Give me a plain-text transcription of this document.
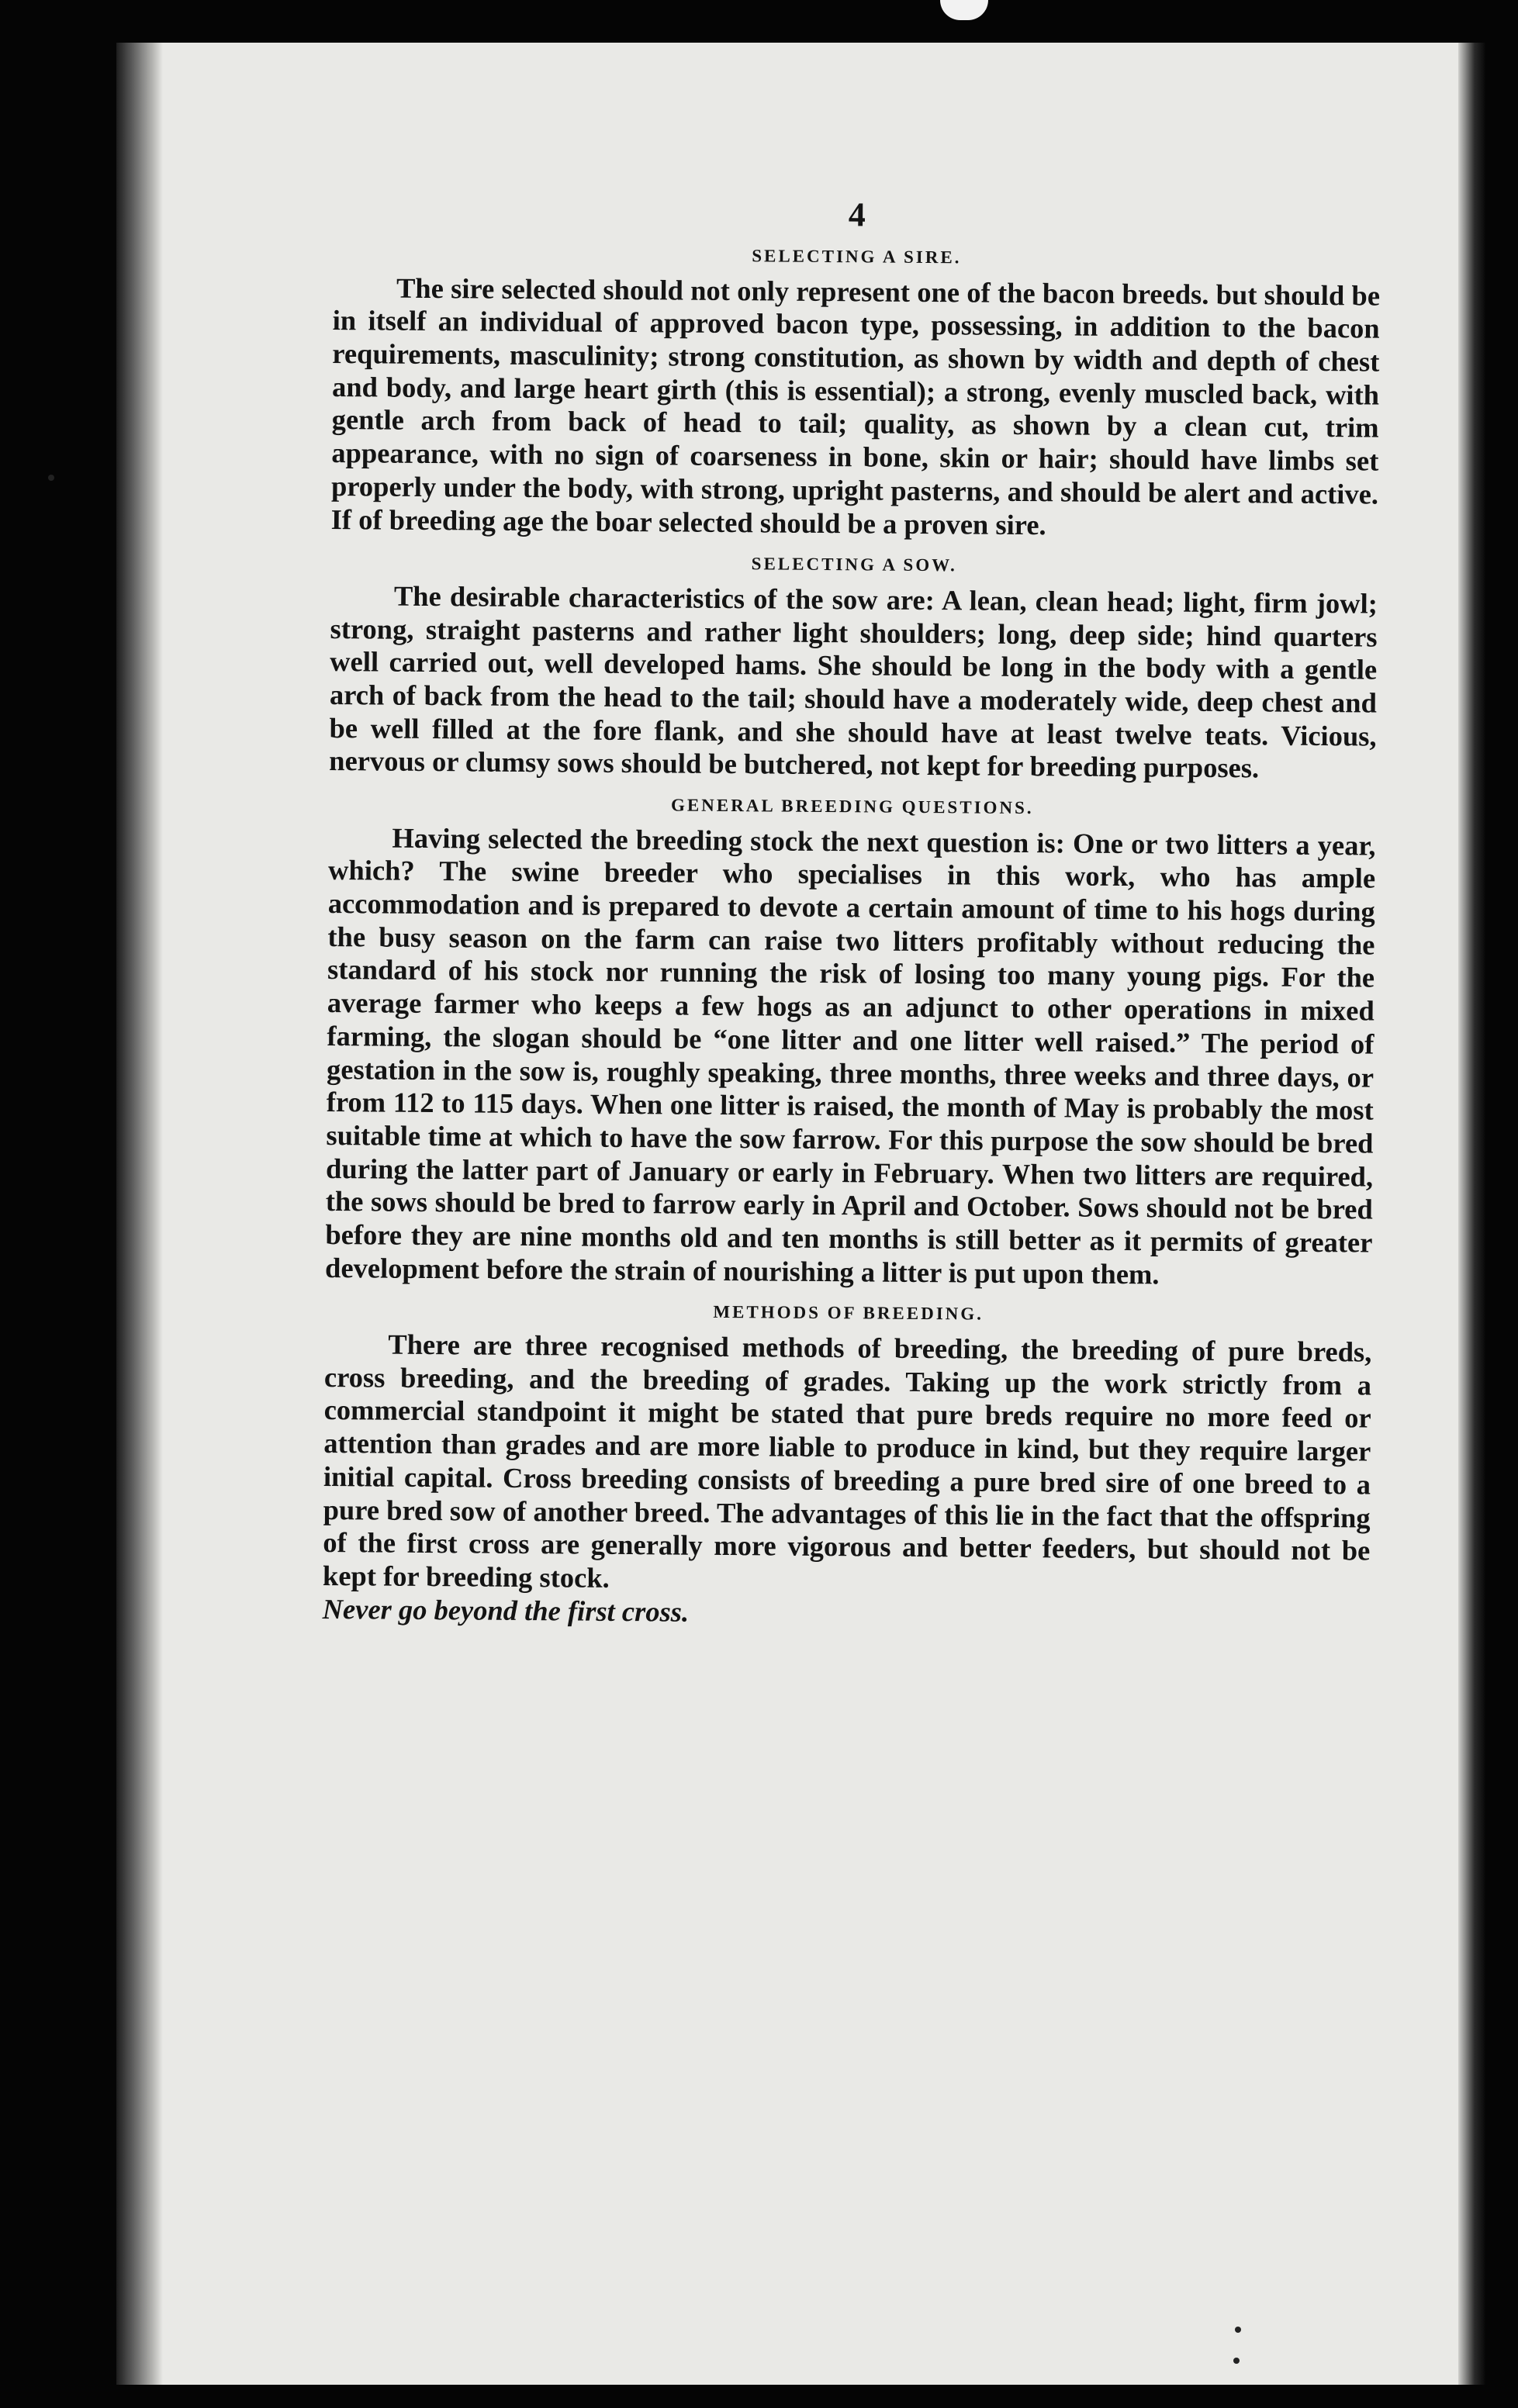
4
SELECTING A SIRE.

The sire selected should not only represent one of the bacon breeds. but should be in itself an individual of approved bacon type, possessing, in addition to the bacon requirements, masculinity; strong constitution, as shown by width and depth of chest and body, and large heart girth (this is essential); a strong, evenly muscled back, with gentle arch from back of head to tail; quality, as shown by a clean cut, trim appearance, with no sign of coarseness in bone, skin or hair; should have limbs set properly under the body, with strong, upright pasterns, and should be alert and active. If of breeding age the boar selected should be a proven sire.

SELECTING A SOW.

The desirable characteristics of the sow are: A lean, clean head; light, firm jowl; strong, straight pasterns and rather light shoulders; long, deep side; hind quarters well carried out, well developed hams. She should be long in the body with a gentle arch of back from the head to the tail; should have a moderately wide, deep chest and be well filled at the fore flank, and she should have at least twelve teats. Vicious, nervous or clumsy sows should be butchered, not kept for breeding purposes.

GENERAL BREEDING QUESTIONS.

Having selected the breeding stock the next question is: One or two litters a year, which? The swine breeder who specialises in this work, who has ample accommodation and is prepared to devote a certain amount of time to his hogs during the busy season on the farm can raise two litters profitably without reducing the standard of his stock nor running the risk of losing too many young pigs. For the average farmer who keeps a few hogs as an adjunct to other operations in mixed farming, the slogan should be “one litter and one litter well raised.” The period of gestation in the sow is, roughly speaking, three months, three weeks and three days, or from 112 to 115 days. When one litter is raised, the month of May is probably the most suitable time at which to have the sow farrow. For this purpose the sow should be bred during the latter part of January or early in February. When two litters are required, the sows should be bred to farrow early in April and October. Sows should not be bred before they are nine months old and ten months is still better as it permits of greater development before the strain of nourishing a litter is put upon them.

METHODS OF BREEDING.

There are three recognised methods of breeding, the breeding of pure breds, cross breeding, and the breeding of grades. Taking up the work strictly from a commercial standpoint it might be stated that pure breds require no more feed or attention than grades and are more liable to produce in kind, but they require larger initial capital. Cross breeding consists of breeding a pure bred sire of one breed to a pure bred sow of another breed. The advantages of this lie in the fact that the offspring of the first cross are generally more vigorous and better feeders, but should not be kept for breeding stock.

Never go beyond the first cross.
